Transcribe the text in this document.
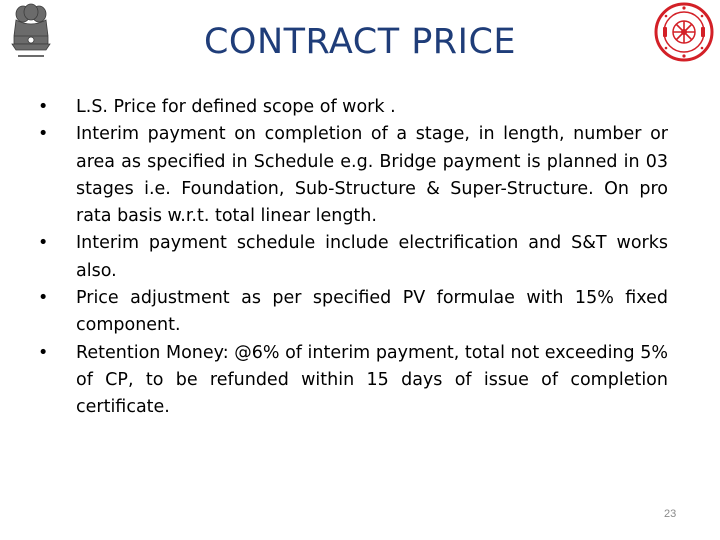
CONTRACT PRICE
•	L.S. Price for defined scope of work .
•	Interim payment on completion of a stage, in length, number or area as specified in Schedule e.g. Bridge payment is planned in 03 stages i.e. Foundation, Sub-Structure & Super-Structure. On pro rata basis w.r.t. total linear length.
•	Interim payment schedule include electrification and S&T works also.
•	Price adjustment as per specified PV formulae with 15% fixed component.
•	Retention Money: @6% of interim payment, total not exceeding 5% of CP, to be refunded within 15 days of issue of completion certificate.
23
